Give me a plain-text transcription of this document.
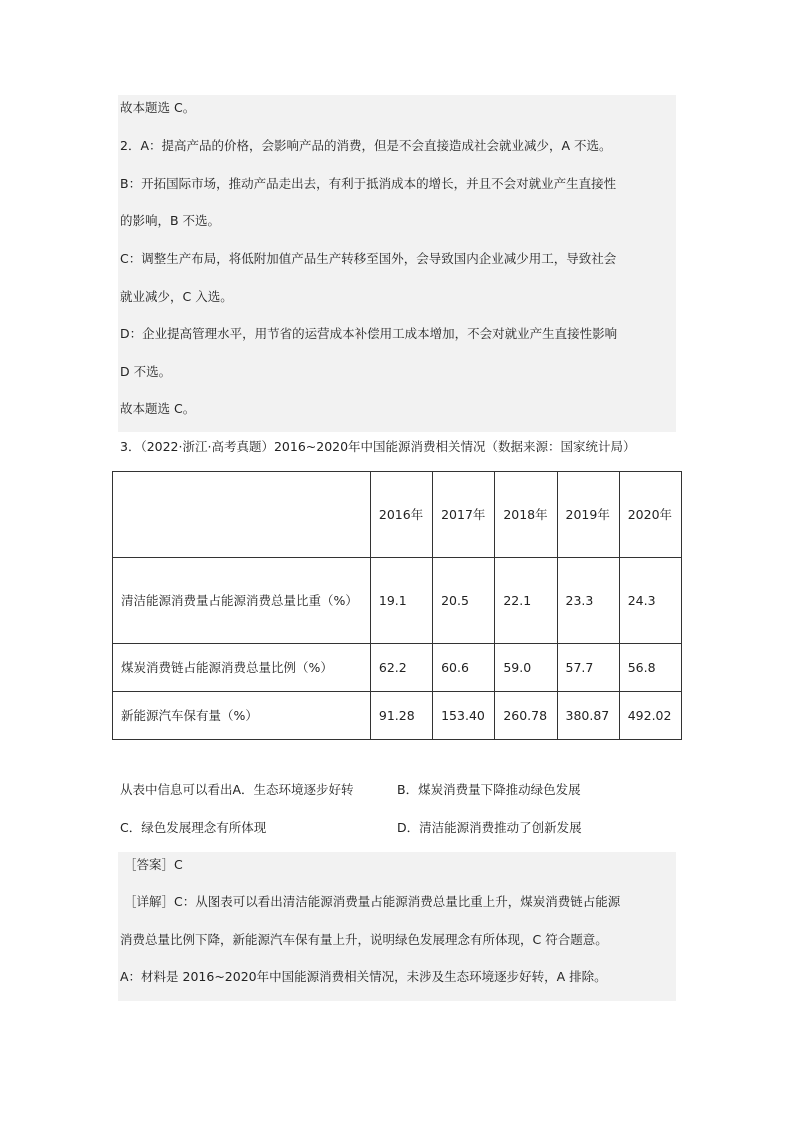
故本题选 C。
2．A：提高产品的价格，会影响产品的消费，但是不会直接造成社会就业减少，A 不选。
B：开拓国际市场，推动产品走出去，有利于抵消成本的增长，并且不会对就业产生直接性
的影响，B 不选。
C：调整生产布局，将低附加值产品生产转移至国外，会导致国内企业减少用工，导致社会
就业减少，C 入选。
D：企业提高管理水平，用节省的运营成本补偿用工成本增加，不会对就业产生直接性影响
D 不选。
故本题选 C。
3．（2022·浙江·高考真题）2016~2020年中国能源消费相关情况（数据来源：国家统计局）
	2016年	2017年	2018年	2019年	2020年
清洁能源消费量占能源消费总量比重（%）	19.1	20.5	22.1	23.3	24.3
煤炭消费链占能源消费总量比例（%）	62.2	60.6	59.0	57.7	56.8
新能源汽车保有量（%）	91.28	153.40	260.78	380.87	492.02
从表中信息可以看出A．生态环境逐步好转	B．煤炭消费量下降推动绿色发展
C．绿色发展理念有所体现	D．清洁能源消费推动了创新发展
［答案］C
［详解］C：从图表可以看出清洁能源消费量占能源消费总量比重上升，煤炭消费链占能源
消费总量比例下降，新能源汽车保有量上升，说明绿色发展理念有所体现，C 符合题意。
A：材料是 2016~2020年中国能源消费相关情况，未涉及生态环境逐步好转，A 排除。
